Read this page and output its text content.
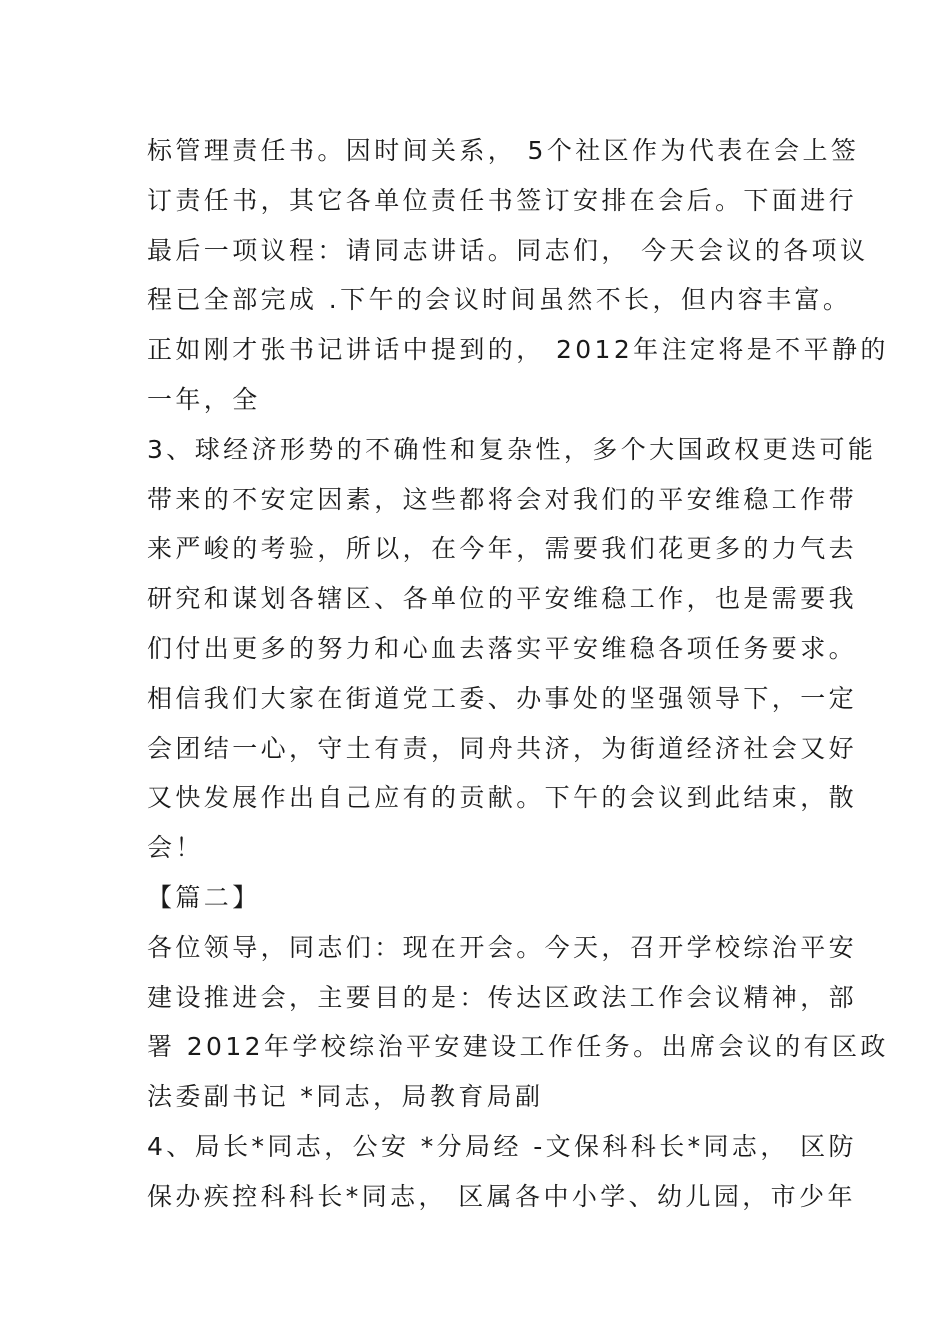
标管理责任书。因时间关系， 5个社区作为代表在会上签
订责任书，其它各单位责任书签订安排在会后。下面进行
最后一项议程：请同志讲话。同志们， 今天会议的各项议
程已全部完成 .下午的会议时间虽然不长，但内容丰富。
正如刚才张书记讲话中提到的， 2012年注定将是不平静的
一年，全
3、球经济形势的不确性和复杂性，多个大国政权更迭可能
带来的不安定因素，这些都将会对我们的平安维稳工作带
来严峻的考验，所以，在今年，需要我们花更多的力气去
研究和谋划各辖区、各单位的平安维稳工作，也是需要我
们付出更多的努力和心血去落实平安维稳各项任务要求。
相信我们大家在街道党工委、办事处的坚强领导下，一定
会团结一心，守土有责，同舟共济，为街道经济社会又好
又快发展作出自己应有的贡献。下午的会议到此结束，散
会！
【篇二】
各位领导，同志们：现在开会。今天，召开学校综治平安
建设推进会，主要目的是：传达区政法工作会议精神，部
署 2012年学校综治平安建设工作任务。出席会议的有区政
法委副书记 *同志，局教育局副
4、局长*同志，公安 *分局经 -文保科科长*同志， 区防
保办疾控科科长*同志， 区属各中小学、幼儿园，市少年
